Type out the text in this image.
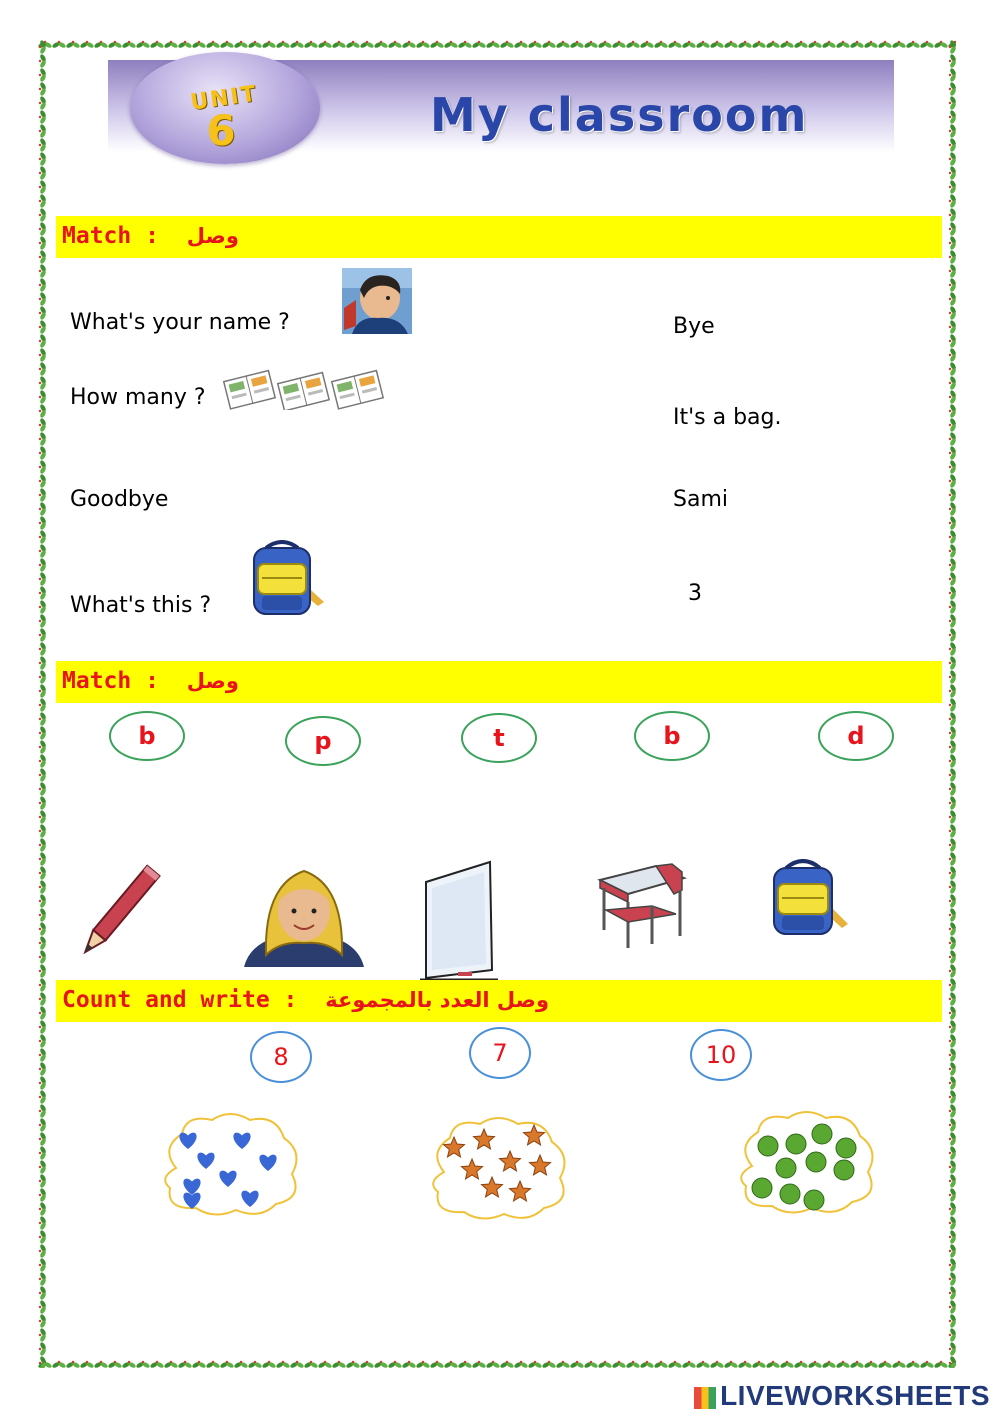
UNIT
6	My classroom
Match : وصل
What's your name ?
How many ?
Goodbye
What's this ?
Bye
It's a bag.
Sami
3
Match : وصل
b	p	t	b	d
Count and write : وصل العدد بالمجموعة
8	7	10
LIVEWORKSHEETS
